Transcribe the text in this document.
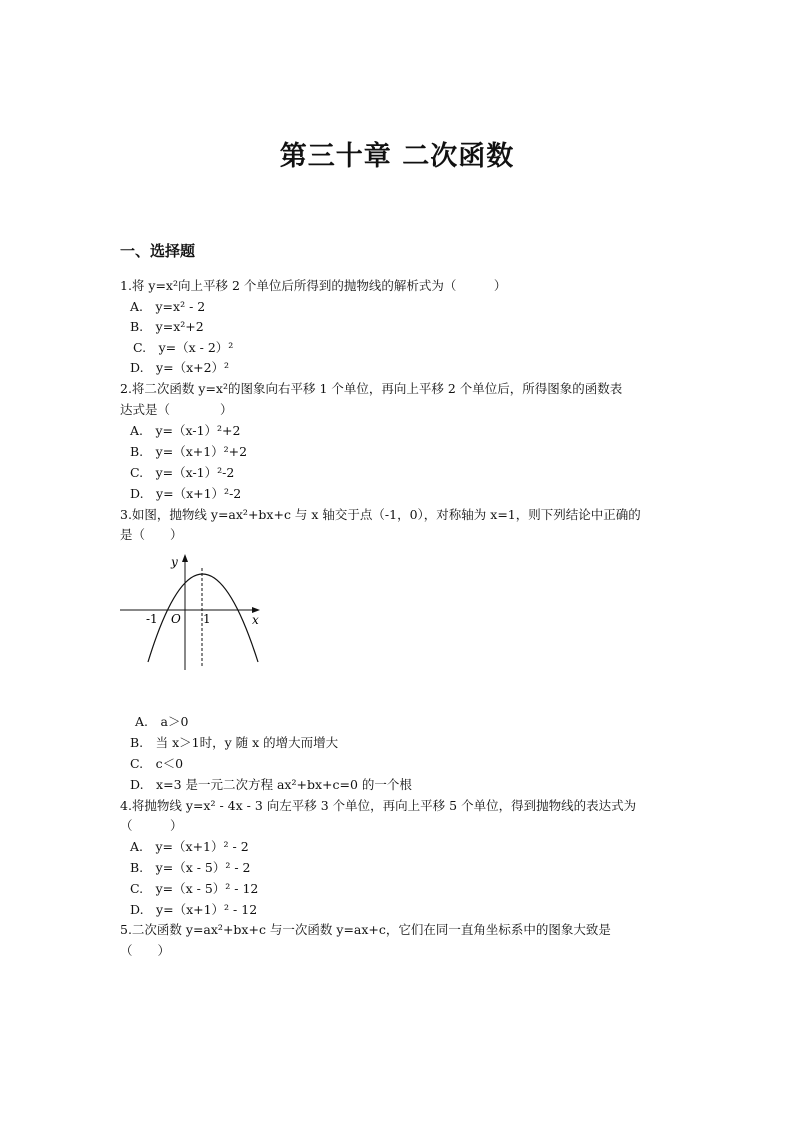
第三十章 二次函数
一、选择题
1.将 y=x²向上平移 2 个单位后所得到的抛物线的解析式为（　　　）
A.　y=x² - 2
B.　y=x²+2
C.　y=（x - 2）²
D.　y=（x+2）²
2.将二次函数 y=x²的图象向右平移 1 个单位，再向上平移 2 个单位后，所得图象的函数表
达式是（　　　　）
A.　y=（x-1）²+2
B.　y=（x+1）²+2
C.　y=（x-1）²-2
D.　y=（x+1）²-2
3.如图，抛物线 y=ax²+bx+c 与 x 轴交于点（-1，0），对称轴为 x=1，则下列结论中正确的
是（　　）
y
x
O
-1	1
A.　a＞0
B.　当 x＞1时，y 随 x 的增大而增大
C.　c＜0
D.　x=3 是一元二次方程 ax²+bx+c=0 的一个根
4.将抛物线 y=x² - 4x - 3 向左平移 3 个单位，再向上平移 5 个单位，得到抛物线的表达式为
（　　　）
A.　y=（x+1）² - 2
B.　y=（x - 5）² - 2
C.　y=（x - 5）² - 12
D.　y=（x+1）² - 12
5.二次函数 y=ax²+bx+c 与一次函数 y=ax+c，它们在同一直角坐标系中的图象大致是
（　　）
